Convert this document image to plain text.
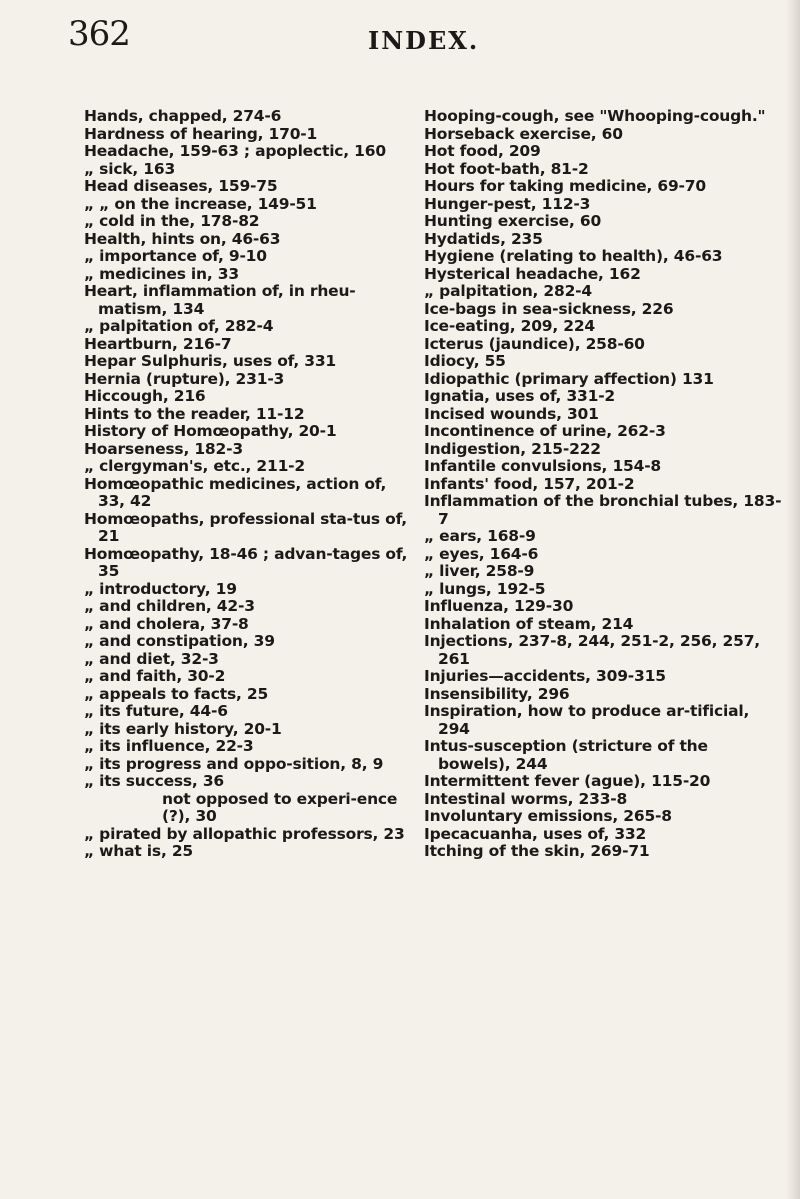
362	INDEX.
Hands, chapped, 274-6
Hardness of hearing, 170-1
Headache, 159-63 ; apoplectic, 160
„ sick, 163
Head diseases, 159-75
„ „ on the increase, 149-51
„ cold in the, 178-82
Health, hints on, 46-63
„ importance of, 9-10
„ medicines in, 33
Heart, inflammation of, in rheu-matism, 134
„ palpitation of, 282-4
Heartburn, 216-7
Hepar Sulphuris, uses of, 331
Hernia (rupture), 231-3
Hiccough, 216
Hints to the reader, 11-12
History of Homœopathy, 20-1
Hoarseness, 182-3
„ clergyman's, etc., 211-2
Homœopathic medicines, action of, 33, 42
Homœopaths, professional sta-tus of, 21
Homœopathy, 18-46 ; advan-tages of, 35
„ introductory, 19
„ and children, 42-3
„ and cholera, 37-8
„ and constipation, 39
„ and diet, 32-3
„ and faith, 30-2
„ appeals to facts, 25
„ its future, 44-6
„ its early history, 20-1
„ its influence, 22-3
„ its progress and oppo-sition, 8, 9
„ its success, 36
not opposed to experi-ence (?), 30
„ pirated by allopathic professors, 23
„ what is, 25
Hooping-cough, see "Whooping-cough."
Horseback exercise, 60
Hot food, 209
Hot foot-bath, 81-2
Hours for taking medicine, 69-70
Hunger-pest, 112-3
Hunting exercise, 60
Hydatids, 235
Hygiene (relating to health), 46-63
Hysterical headache, 162
„ palpitation, 282-4
Ice-bags in sea-sickness, 226
Ice-eating, 209, 224
Icterus (jaundice), 258-60
Idiocy, 55
Idiopathic (primary affection) 131
Ignatia, uses of, 331-2
Incised wounds, 301
Incontinence of urine, 262-3
Indigestion, 215-222
Infantile convulsions, 154-8
Infants' food, 157, 201-2
Inflammation of the bronchial tubes, 183-7
„ ears, 168-9
„ eyes, 164-6
„ liver, 258-9
„ lungs, 192-5
Influenza, 129-30
Inhalation of steam, 214
Injections, 237-8, 244, 251-2, 256, 257, 261
Injuries—accidents, 309-315
Insensibility, 296
Inspiration, how to produce ar-tificial, 294
Intus-susception (stricture of the bowels), 244
Intermittent fever (ague), 115-20
Intestinal worms, 233-8
Involuntary emissions, 265-8
Ipecacuanha, uses of, 332
Itching of the skin, 269-71
